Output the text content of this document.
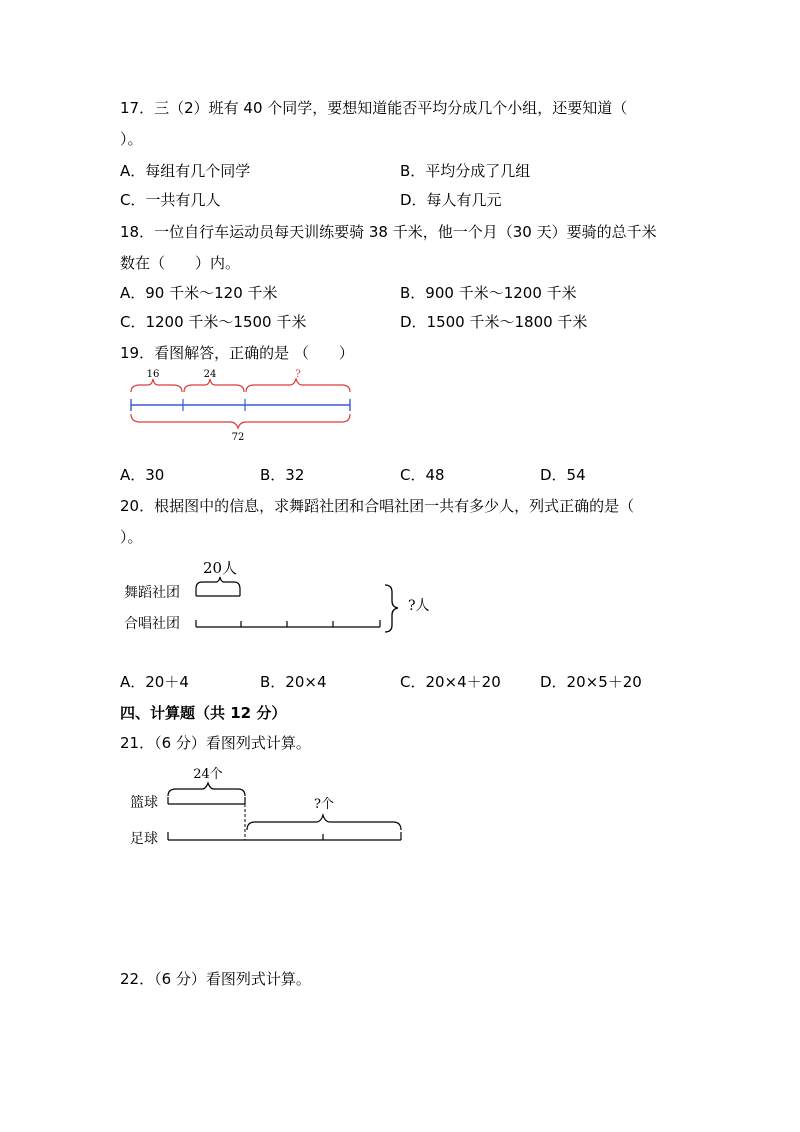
17．三（2）班有 40 个同学，要想知道能否平均分成几个小组，还要知道（
）。
A．每组有几个同学	B．平均分成了几组
C．一共有几人	D．每人有几元
18．一位自行车运动员每天训练要骑 38 千米，他一个月（30 天）要骑的总千米
数在（　　）内。
A．90 千米～120 千米	B．900 千米～1200 千米
C．1200 千米～1500 千米	D．1500 千米～1800 千米
19．看图解答，正确的是 （　　）
16	24	?
72
A．30	B．32	C．48	D．54
20．根据图中的信息，求舞蹈社团和合唱社团一共有多少人，列式正确的是（
）。
20人
舞蹈社团
合唱社团
?人
A．20＋4	B．20×4	C．20×4＋20	D．20×5＋20
四、计算题（共 12 分）
21．（6 分）看图列式计算。
24个
篮球	?个
足球
22．（6 分）看图列式计算。
